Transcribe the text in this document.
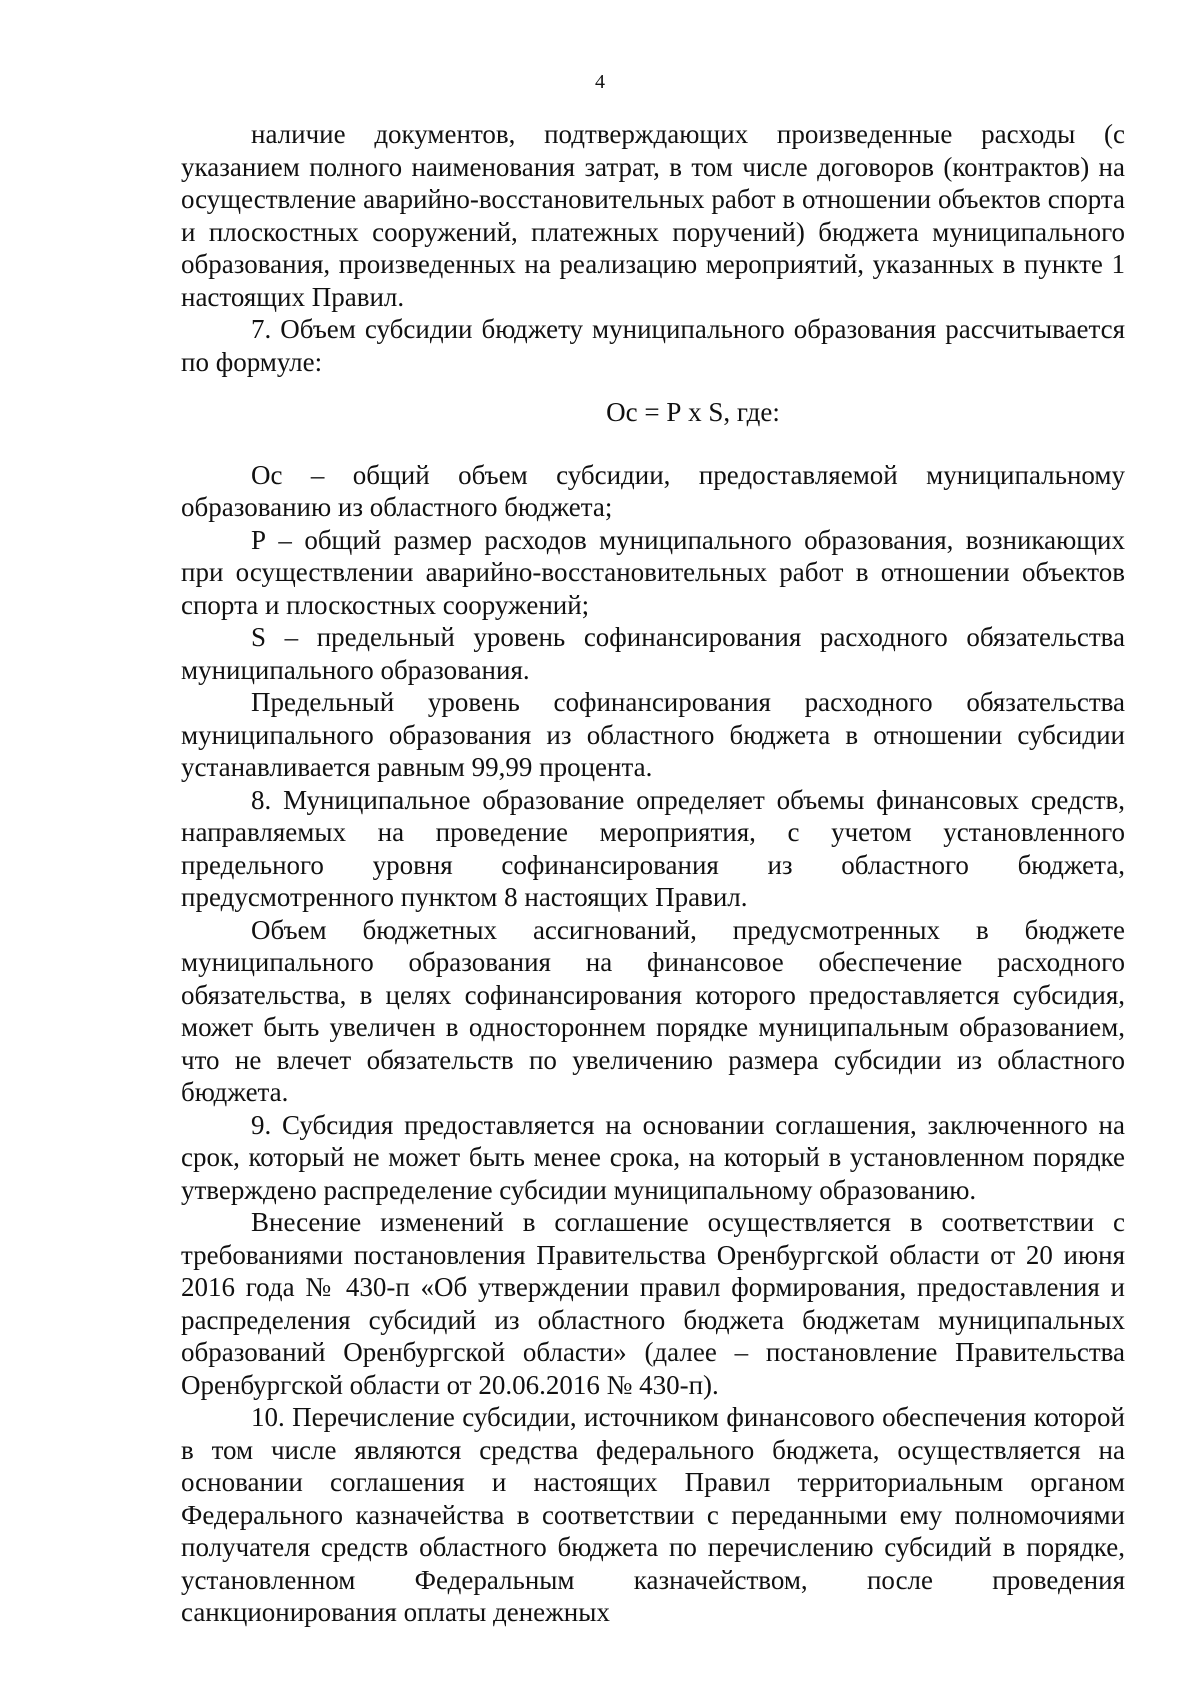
4

наличие документов, подтверждающих произведенные расходы (с указанием полного наименования затрат, в том числе договоров (контрактов) на осуществление аварийно-восстановительных работ в отношении объектов спорта и плоскостных сооружений, платежных поручений) бюджета муниципального образования, произведенных на реализацию мероприятий, указанных в пункте 1 настоящих Правил.

7. Объем субсидии бюджету муниципального образования рассчитывается по формуле:

Ос = Р х S, где:

Ос – общий объем субсидии, предоставляемой муниципальному образованию из областного бюджета;

Р – общий размер расходов муниципального образования, возникающих при осуществлении аварийно-восстановительных работ в отношении объектов спорта и плоскостных сооружений;

S – предельный уровень софинансирования расходного обязательства муниципального образования.

Предельный уровень софинансирования расходного обязательства муниципального образования из областного бюджета в отношении субсидии устанавливается равным 99,99 процента.

8. Муниципальное образование определяет объемы финансовых средств, направляемых на проведение мероприятия, с учетом установленного предельного уровня софинансирования из областного бюджета, предусмотренного пунктом 8 настоящих Правил.

Объем бюджетных ассигнований, предусмотренных в бюджете муниципального образования на финансовое обеспечение расходного обязательства, в целях софинансирования которого предоставляется субсидия, может быть увеличен в одностороннем порядке муниципальным образованием, что не влечет обязательств по увеличению размера субсидии из областного бюджета.

9. Субсидия предоставляется на основании соглашения, заключенного на срок, который не может быть менее срока, на который в установленном порядке утверждено распределение субсидии муниципальному образованию.

Внесение изменений в соглашение осуществляется в соответствии с требованиями постановления Правительства Оренбургской области от 20 июня 2016 года № 430-п «Об утверждении правил формирования, предоставления и распределения субсидий из областного бюджета бюджетам муниципальных образований Оренбургской области» (далее – постановление Правительства Оренбургской области от 20.06.2016 № 430-п).

10. Перечисление субсидии, источником финансового обеспечения которой в том числе являются средства федерального бюджета, осуществляется на основании соглашения и настоящих Правил территориальным органом Федерального казначейства в соответствии с переданными ему полномочиями получателя средств областного бюджета по перечислению субсидий в порядке, установленном Федеральным казначейством, после проведения санкционирования оплаты денежных
